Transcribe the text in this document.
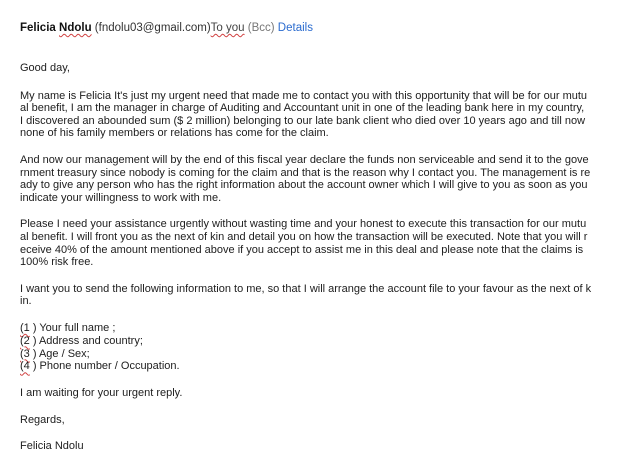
Felicia Ndolu (fndolu03@gmail.com)To you (Bcc) Details

Good day,

My name is Felicia It's just my urgent need that made me to contact you with this opportunity that will be for our mutu
al benefit, I am the manager in charge of Auditing and Accountant unit in one of the leading bank here in my country,
I discovered an abounded sum ($ 2 million) belonging to our late bank client who died over 10 years ago and till now
none of his family members or relations has come for the claim.

And now our management will by the end of this fiscal year declare the funds non serviceable and send it to the gove
rnment treasury since nobody is coming for the claim and that is the reason why I contact you. The management is re
ady to give any person who has the right information about the account owner which I will give to you as soon as you
indicate your willingness to work with me.

Please I need your assistance urgently without wasting time and your honest to execute this transaction for our mutu
al benefit. I will front you as the next of kin and detail you on how the transaction will be executed. Note that you will r
eceive 40% of the amount mentioned above if you accept to assist me in this deal and please note that the claims is
100% risk free.

I want you to send the following information to me, so that I will arrange the account file to your favour as the next of k
in.

(1 ) Your full name ;
(2 ) Address and country;
(3 ) Age / Sex;
(4 ) Phone number / Occupation.

I am waiting for your urgent reply.

Regards,

Felicia Ndolu
